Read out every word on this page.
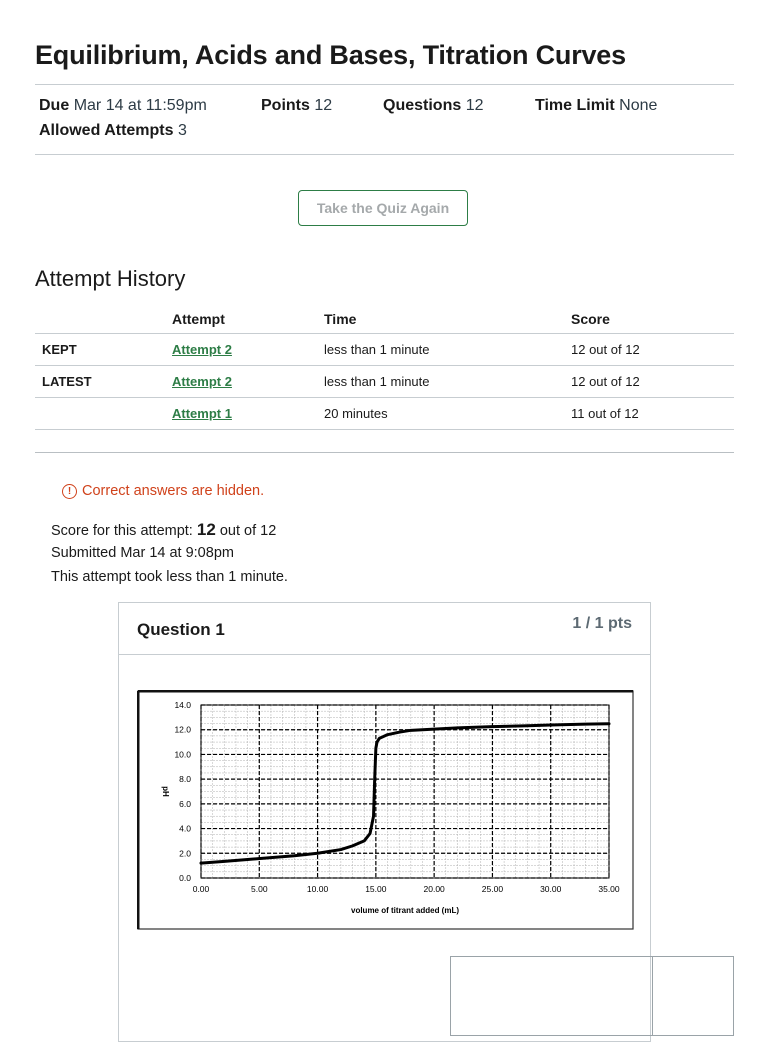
Equilibrium, Acids and Bases, Titration Curves
Due Mar 14 at 11:59pm	Points 12	Questions 12	Time Limit None
Allowed Attempts 3
Take the Quiz Again
Attempt History
	Attempt	Time	Score
KEPT	Attempt 2	less than 1 minute	12 out of 12
LATEST	Attempt 2	less than 1 minute	12 out of 12
	Attempt 1	20 minutes	11 out of 12
! Correct answers are hidden.
Score for this attempt: 12 out of 12
Submitted Mar 14 at 9:08pm
This attempt took less than 1 minute.
Question 1	1 / 1 pts
0.00	5.00	10.00	15.00	20.00	25.00	30.00	35.00
0.0
2.0
4.0
6.0
8.0
10.0
12.0
14.0
volume of titrant added (mL)
pH
